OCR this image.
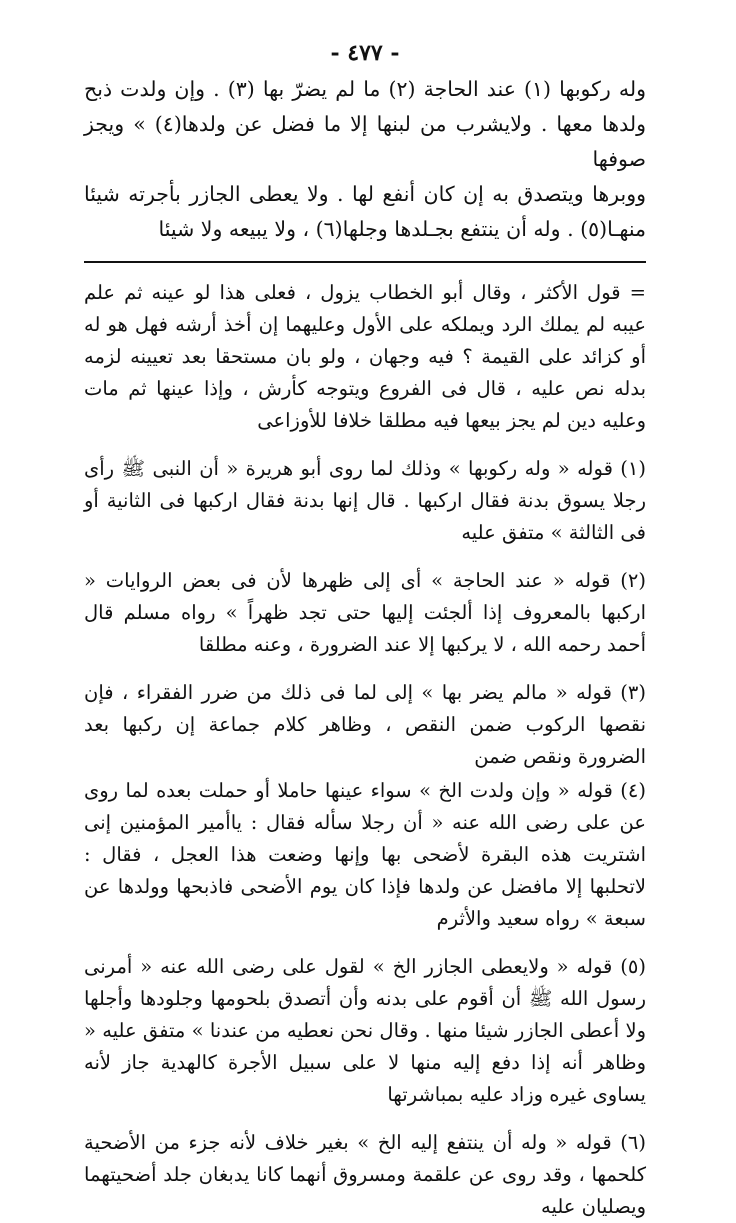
- ٤٧٧ -

وله ركوبها (١) عند الحاجة (٢) ما لم يضرّ بها (٣) . وإن ولدت ذبح

ولدها معها . ولايشرب من لبنها إلا ما فضل عن ولدها(٤) » ويجز صوفها

ووبرها ويتصدق به إن كان أنفع لها . ولا يعطى الجازر بأجرته شيئا

منهـا(٥) . وله أن ينتفع بجـلدها وجلها(٦) ، ولا يبيعه ولا شيئا

= قول الأكثر ، وقال أبو الخطاب يزول ، فعلى هذا لو عينه ثم علم عيبه لم يملك الرد ويملكه على الأول وعليهما إن أخذ أرشه فهل هو له أو كزائد على القيمة ؟ فيه وجهان ، ولو بان مستحقا بعد تعيينه لزمه بدله نص عليه ، قال فى الفروع ويتوجه كأرش ، وإذا عينها ثم مات وعليه دين لم يجز بيعها فيه مطلقا خلافا للأوزاعى

(١) قوله « وله ركوبها » وذلك لما روى أبو هريرة « أن النبى ﷺ رأى رجلا يسوق بدنة فقال اركبها . قال إنها بدنة فقال اركبها فى الثانية أو فى الثالثة » متفق عليه

(٢) قوله « عند الحاجة » أى إلى ظهرها لأن فى بعض الروايات « اركبها بالمعروف إذا ألجئت إليها حتى تجد ظهراً » رواه مسلم قال أحمد رحمه الله ، لا يركبها إلا عند الضرورة ، وعنه مطلقا

(٣) قوله « مالم يضر بها » إلى لما فى ذلك من ضرر الفقراء ، فإن نقصها الركوب ضمن النقص ، وظاهر كلام جماعة إن ركبها بعد الضرورة ونقص ضمن

(٤) قوله « وإن ولدت الخ » سواء عينها حاملا أو حملت بعده لما روى عن على رضى الله عنه « أن رجلا سأله فقال : ياأمير المؤمنين إنى اشتريت هذه البقرة لأضحى بها وإنها وضعت هذا العجل ، فقال : لاتحلبها إلا مافضل عن ولدها فإذا كان يوم الأضحى فاذبحها وولدها عن سبعة » رواه سعيد والأثرم

(٥) قوله « ولايعطى الجازر الخ » لقول على رضى الله عنه « أمرنى رسول الله ﷺ أن أقوم على بدنه وأن أتصدق بلحومها وجلودها وأجلها ولا أعطى الجازر شيئا منها . وقال نحن نعطيه من عندنا » متفق عليه « وظاهر أنه إذا دفع إليه منها لا على سبيل الأجرة كالهدية جاز لأنه يساوى غيره وزاد عليه بمباشرتها

(٦) قوله « وله أن ينتفع إليه الخ » بغير خلاف لأنه جزء من الأضحية كلحمها ، وقد روى عن علقمة ومسروق أنهما كانا يدبغان جلد أضحيتهما ويصليان عليه
